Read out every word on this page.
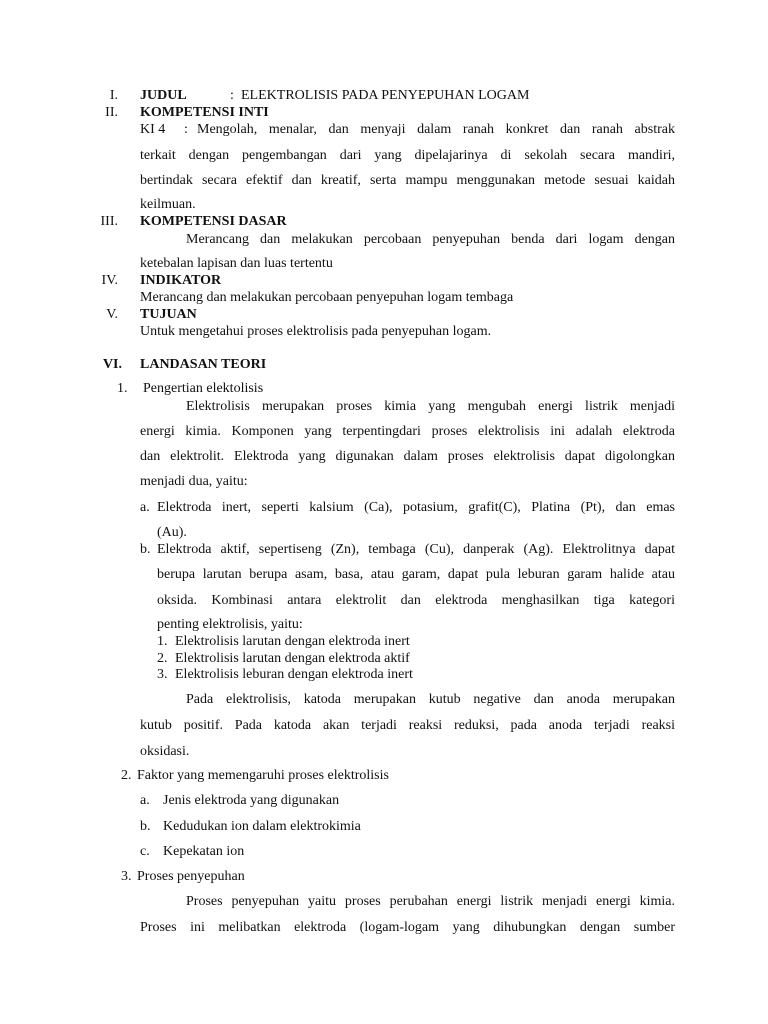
I. JUDUL	: ELEKTROLISIS PADA PENYEPUHAN LOGAM
II. KOMPETENSI INTI
KI 4 : Mengolah, menalar, dan menyaji dalam ranah konkret dan ranah abstrak
terkait dengan pengembangan dari yang dipelajarinya di sekolah secara mandiri,
bertindak secara efektif dan kreatif, serta mampu menggunakan metode sesuai kaidah
keilmuan.
III. KOMPETENSI DASAR
Merancang dan melakukan percobaan penyepuhan benda dari logam dengan
ketebalan lapisan dan luas tertentu
IV. INDIKATOR
Merancang dan melakukan percobaan penyepuhan logam tembaga
V. TUJUAN
Untuk mengetahui proses elektrolisis pada penyepuhan logam.
VI. LANDASAN TEORI
1. Pengertian elektolisis
Elektrolisis merupakan proses kimia yang mengubah energi listrik menjadi
energi kimia. Komponen yang terpentingdari proses elektrolisis ini adalah elektroda
dan elektrolit. Elektroda yang digunakan dalam proses elektrolisis dapat digolongkan
menjadi dua, yaitu:
a. Elektroda inert, seperti kalsium (Ca), potasium, grafit(C), Platina (Pt), dan emas
(Au).
b. Elektroda aktif, sepertiseng (Zn), tembaga (Cu), danperak (Ag). Elektrolitnya dapat
berupa larutan berupa asam, basa, atau garam, dapat pula leburan garam halide atau
oksida. Kombinasi antara elektrolit dan elektroda menghasilkan tiga kategori
penting elektrolisis, yaitu:
1. Elektrolisis larutan dengan elektroda inert
2. Elektrolisis larutan dengan elektroda aktif
3. Elektrolisis leburan dengan elektroda inert
Pada elektrolisis, katoda merupakan kutub negative dan anoda merupakan
kutub positif. Pada katoda akan terjadi reaksi reduksi, pada anoda terjadi reaksi
oksidasi.
2. Faktor yang memengaruhi proses elektrolisis
a. Jenis elektroda yang digunakan
b. Kedudukan ion dalam elektrokimia
c. Kepekatan ion
3. Proses penyepuhan
Proses penyepuhan yaitu proses perubahan energi listrik menjadi energi kimia.
Proses ini melibatkan elektroda (logam-logam yang dihubungkan dengan sumber
